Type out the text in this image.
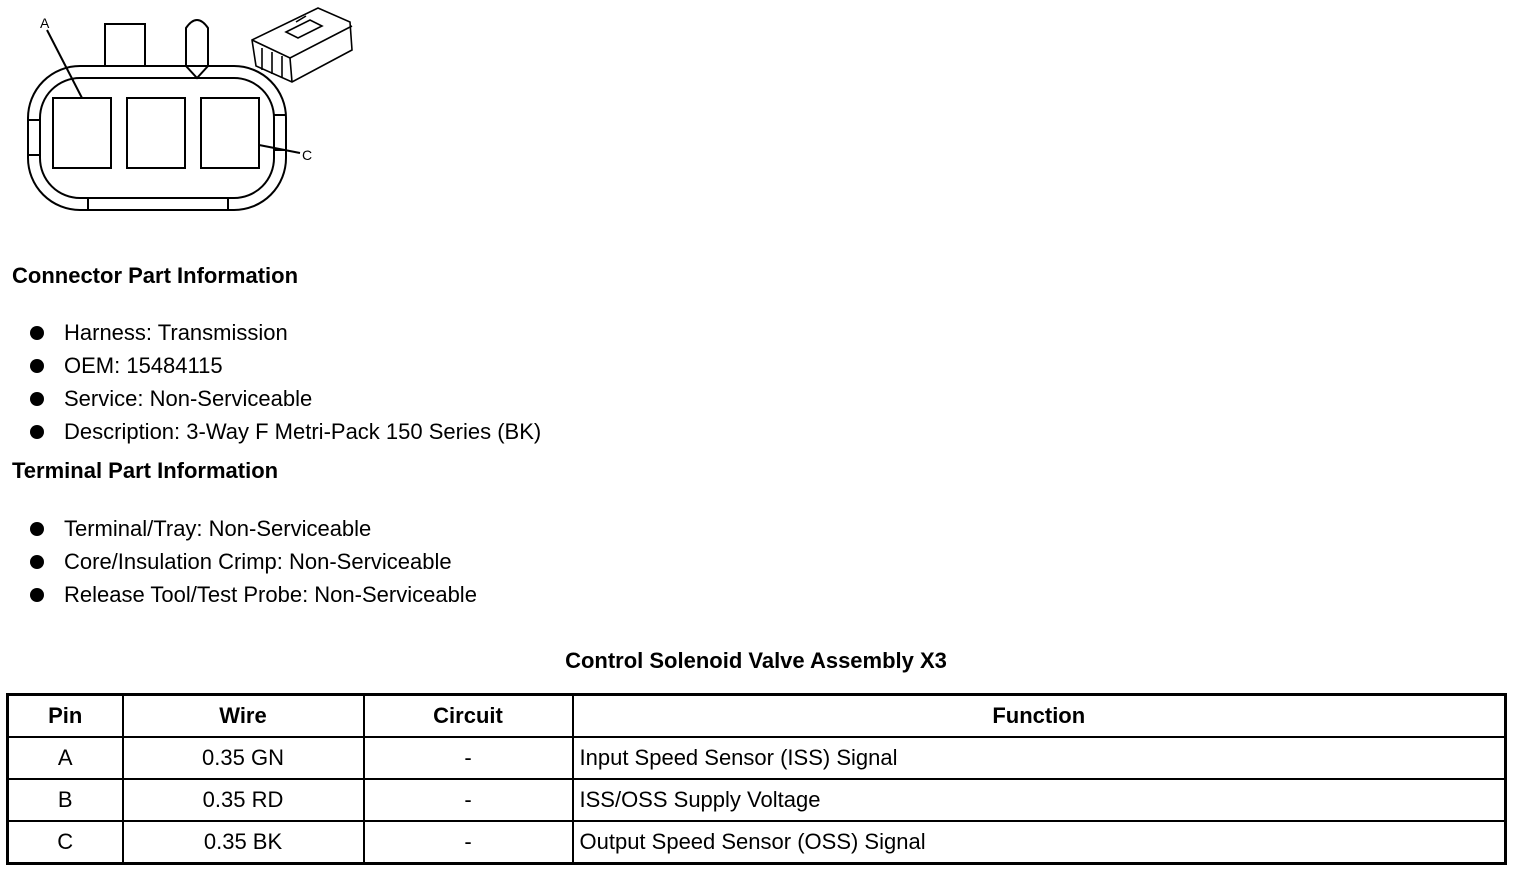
A
C
Connector Part Information
Harness: Transmission
OEM: 15484115
Service: Non-Serviceable
Description: 3-Way F Metri-Pack 150 Series (BK)
Terminal Part Information
Terminal/Tray: Non-Serviceable
Core/Insulation Crimp: Non-Serviceable
Release Tool/Test Probe: Non-Serviceable
Control Solenoid Valve Assembly X3
Pin	Wire	Circuit	Function
A	0.35 GN	-	Input Speed Sensor (ISS) Signal
B	0.35 RD	-	ISS/OSS Supply Voltage
C	0.35 BK	-	Output Speed Sensor (OSS) Signal
